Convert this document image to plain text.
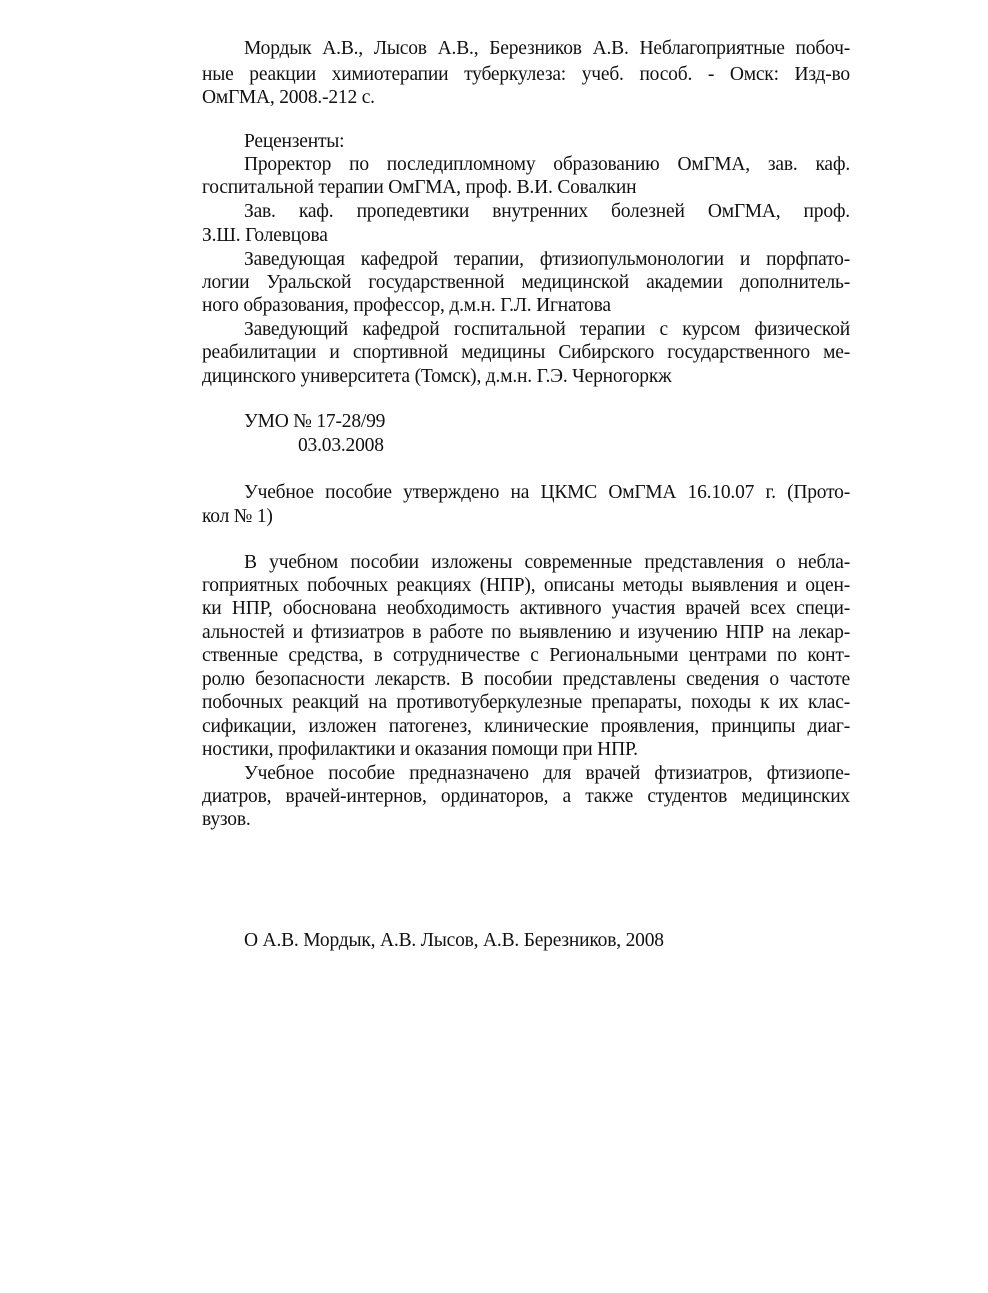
Мордык А.В., Лысов А.В., Березников А.В. Неблагоприятные побоч-
ные реакции химиотерапии туберкулеза: учеб. пособ. - Омск: Изд-во
ОмГМА, 2008.-212 с.
Рецензенты:
Проректор по последипломному образованию ОмГМА, зав. каф.
госпитальной терапии ОмГМА, проф. В.И. Совалкин
Зав. каф. пропедевтики внутренних болезней ОмГМА, проф.
З.Ш. Голевцова
Заведующая кафедрой терапии, фтизиопульмонологии и порфпато-
логии Уральской государственной медицинской академии дополнитель-
ного образования, профессор, д.м.н. Г.Л. Игнатова
Заведующий кафедрой госпитальной терапии с курсом физической
реабилитации и спортивной медицины Сибирского государственного ме-
дицинского университета (Томск), д.м.н. Г.Э. Черногоркж
УМО № 17-28/99
03.03.2008
Учебное пособие утверждено на ЦКМС ОмГМА 16.10.07 г. (Прото-
кол № 1)
В учебном пособии изложены современные представления о небла-
гоприятных побочных реакциях (НПР), описаны методы выявления и оцен-
ки НПР, обоснована необходимость активного участия врачей всех специ-
альностей и фтизиатров в работе по выявлению и изучению НПР на лекар-
ственные средства, в сотрудничестве с Региональными центрами по конт-
ролю безопасности лекарств. В пособии представлены сведения о частоте
побочных реакций на противотуберкулезные препараты, походы к их клас-
сификации, изложен патогенез, клинические проявления, принципы диаг-
ностики, профилактики и оказания помощи при НПР.
Учебное пособие предназначено для врачей фтизиатров, фтизиопе-
диатров, врачей-интернов, ординаторов, а также студентов медицинских
вузов.
О А.В. Мордык, А.В. Лысов, А.В. Березников, 2008
